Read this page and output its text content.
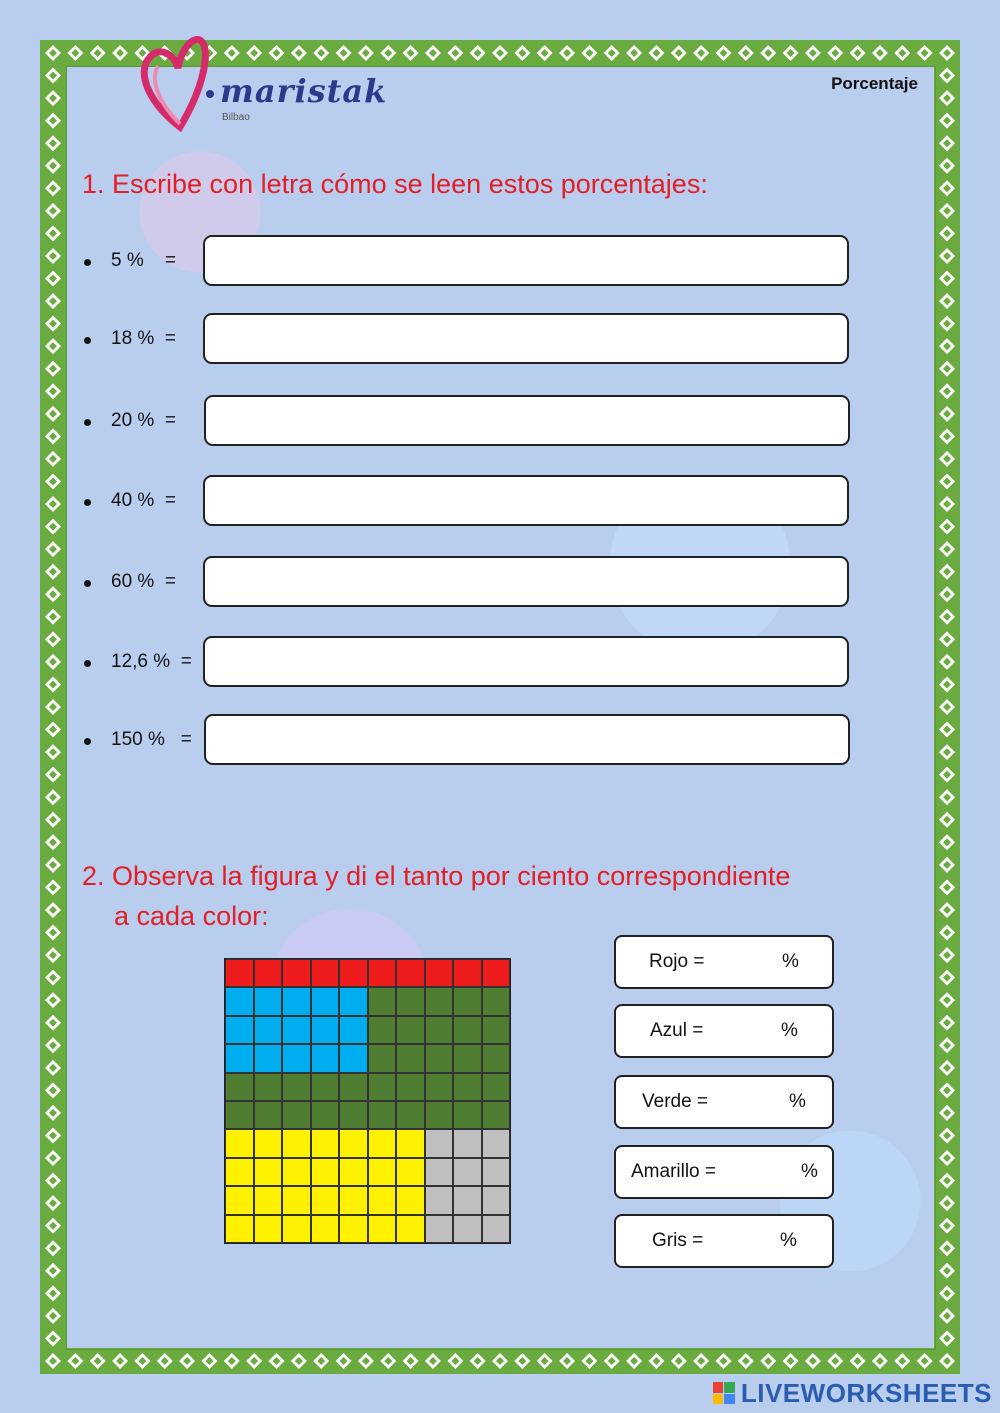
maristak
Bilbao
Porcentaje
1. Escribe con letra cómo se leen estos porcentajes:
5 %    =
18 %  =
20 %  =
40 %  =
60 %  =
12,6 %  =
150 %   =
2. Observa la figura y di el tanto por ciento correspondiente
a cada color:
Rojo =	%
Azul =	%
Verde =	%
Amarillo =	%
Gris =	%
LIVEWORKSHEETS
